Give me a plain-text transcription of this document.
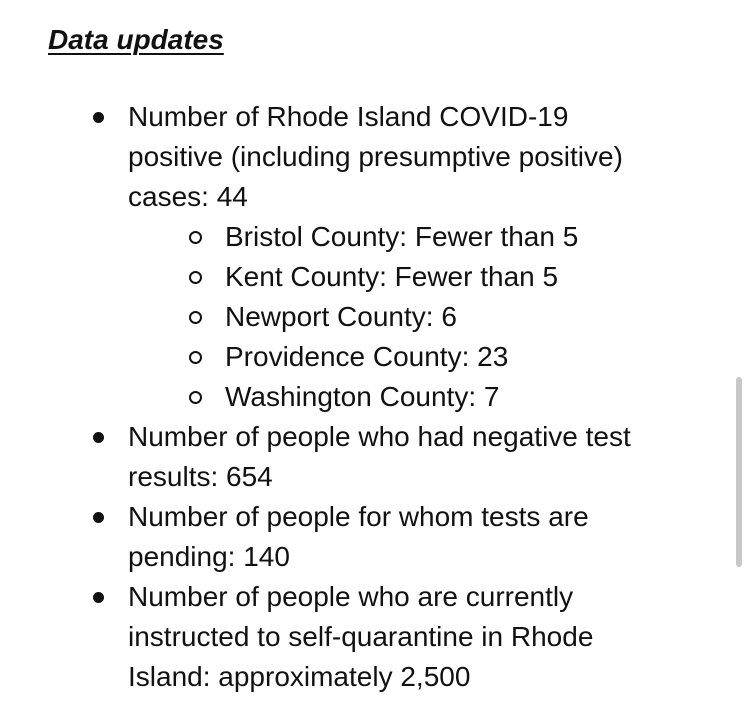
Data updates
Number of Rhode Island COVID-19 positive (including presumptive positive) cases: 44
Bristol County: Fewer than 5
Kent County: Fewer than 5
Newport County: 6
Providence County: 23
Washington County: 7
Number of people who had negative test results: 654
Number of people for whom tests are pending: 140
Number of people who are currently instructed to self-quarantine in Rhode Island: approximately 2,500
